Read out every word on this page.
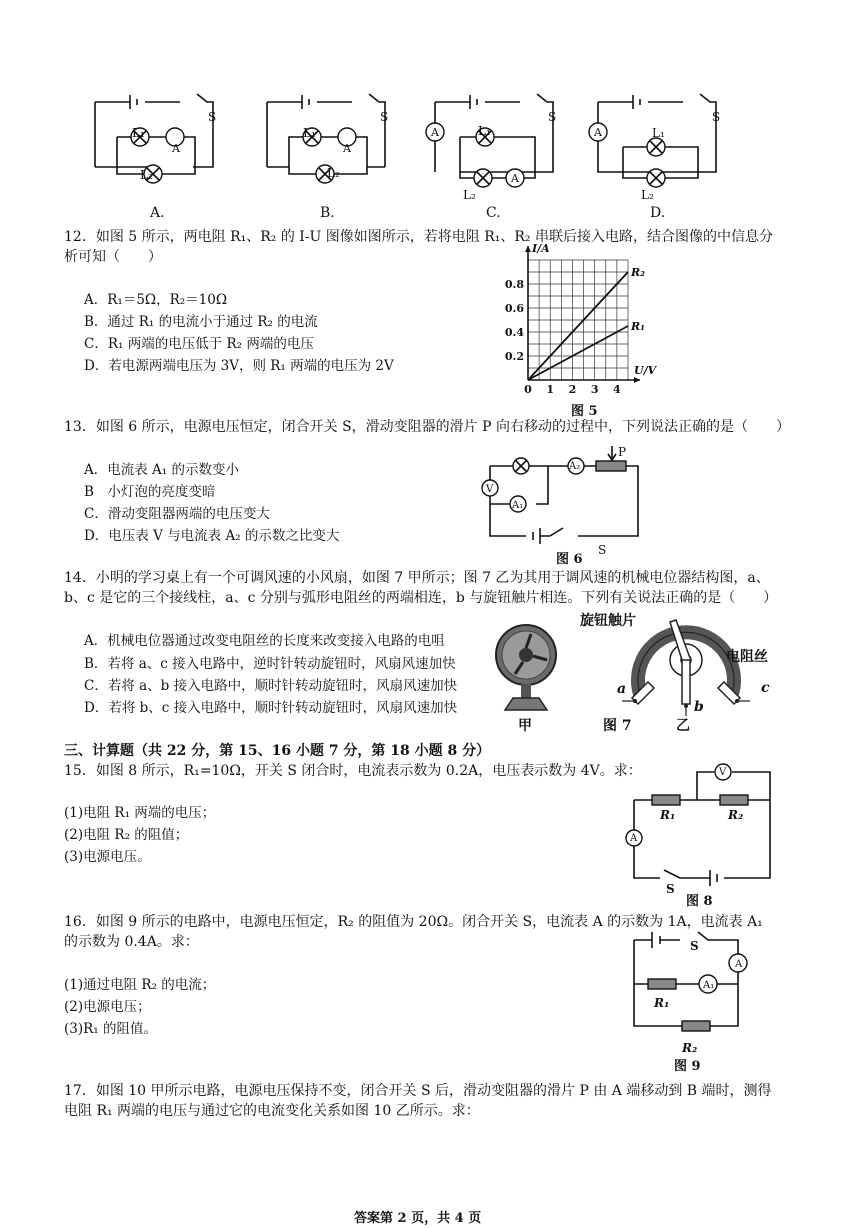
L₁
A
L₂
S
L₁
A
L₂
S
A	L₁
A
L₂
S
A	L₁
L₂
S
A.	B.	C.	D.
12．如图 5 所示，两电阻 R₁、R₂ 的 I-U 图像如图所示，若将电阻 R₁、R₂ 串联后接入电路，结合图像的中信息分
析可知（　　）
A．R₁＝5Ω，R₂＝10Ω
B．通过 R₁ 的电流小于通过 R₂ 的电流
C．R₁ 两端的电压低于 R₂ 两端的电压
D．若电源两端电压为 3V，则 R₁ 两端的电压为 2V
0 1 2 3 4
0.2
0.4
0.6
0.8
U/V
I/A
R₂
R₁
图 5
13．如图 6 所示，电源电压恒定，闭合开关 S，滑动变阻器的滑片 P 向右移动的过程中，下列说法正确的是（　　）
A．电流表 A₁ 的示数变小
B　小灯泡的亮度变暗
C．滑动变阻器两端的电压变大
D．电压表 V 与电流表 A₂ 的示数之比变大
P
V
A₂
A₁
S
图 6
14．小明的学习桌上有一个可调风速的小风扇，如图 7 甲所示；图 7 乙为其用于调风速的机械电位器结构图，a、
b、c 是它的三个接线柱，a、c 分别与弧形电阻丝的两端相连，b 与旋钮触片相连。下列有关说法正确的是（　　）
A．机械电位器通过改变电阻丝的长度来改变接入电路的电咀
B．若将 a、c 接入电路中，逆时针转动旋钮时，风扇风速加快
C．若将 a、b 接入电路中，顺时针转动旋钮时，风扇风速加快
D．若将 b、c 接入电路中，顺时针转动旋钮时，风扇风速加快
甲
旋钮触片
电阻丝
a
b
c
图 7	乙
三、计算题（共 22 分，第 15、16 小题 7 分，第 18 小题 8 分）
15．如图 8 所示，R₁=10Ω，开关 S 闭合时，电流表示数为 0.2A，电压表示数为 4V。求：
(1)电阻 R₁ 两端的电压；
(2)电阻 R₂ 的阻值；
(3)电源电压。
R₁	R₂
V
A
S
图 8
16．如图 9 所示的电路中，电源电压恒定，R₂ 的阻值为 20Ω。闭合开关 S，电流表 A 的示数为 1A，电流表 A₁
的示数为 0.4A。求：
(1)通过电阻 R₂ 的电流；
(2)电源电压；
(3)R₁ 的阻值。
S
A
A₁
R₁
R₂
图 9
17．如图 10 甲所示电路，电源电压保持不变，闭合开关 S 后，滑动变阻器的滑片 P 由 A 端移动到 B 端时，测得
电阻 R₁ 两端的电压与通过它的电流变化关系如图 10 乙所示。求：
答案第 2 页，共 4 页
